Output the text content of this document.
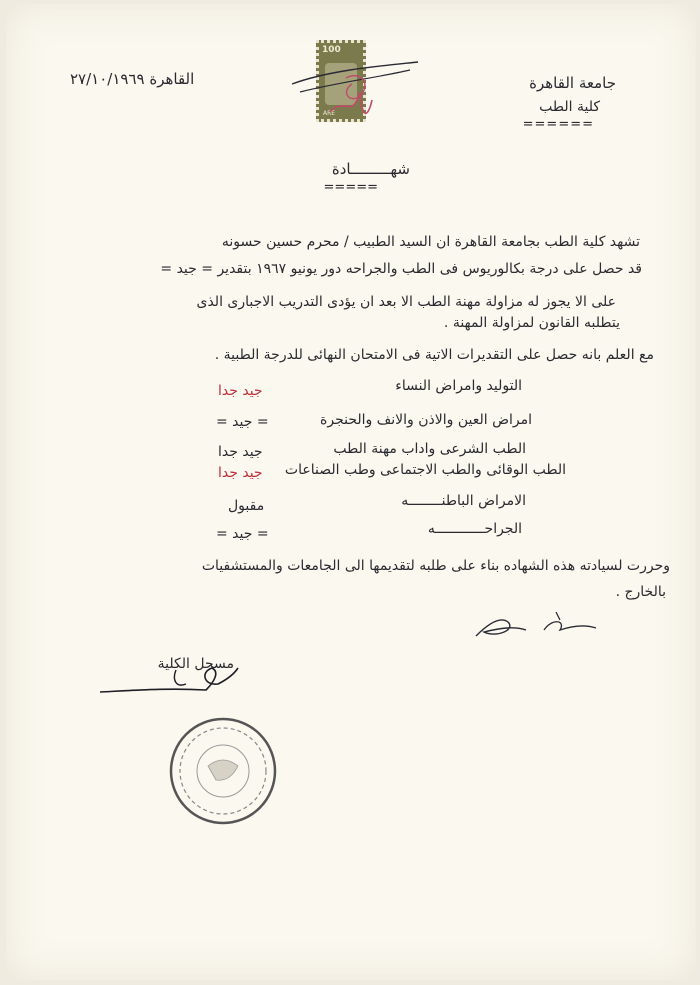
جامعة القاهرة
كلية الطب
======
القاهرة ٢٧/١٠/١٩٦٩
100
ARE
شهـــــــــادة
=====
تشهد كلية الطب بجامعة القاهرة ان السيد الطبيب / محرم حسين حسونه
قد حصل على درجة بكالوريوس فى الطب والجراحه دور يونيو ١٩٦٧ بتقدير = جيد =
على الا يجوز له مزاولة مهنة الطب الا بعد ان يؤدى التدريب الاجبارى الذى
يتطلبه القانون لمزاولة المهنة .
مع العلم بانه حصل على التقديرات الاتية فى الامتحان النهائى للدرجة الطبية .
التوليد وامراض النساء
جيد جدا
امراض العين والاذن والانف والحنجرة
= جيد =
الطب الشرعى واداب مهنة الطب
جيد جدا
الطب الوقائى والطب الاجتماعى وطب الصناعات
جيد جدا
الامراض الباطنــــــــه
مقبول
الجراحــــــــــــه
= جيد =
وحررت لسيادته هذه الشهاده بناء على طلبه لتقديمها الى الجامعات والمستشفيات
بالخارج .
مسجل الكلية
